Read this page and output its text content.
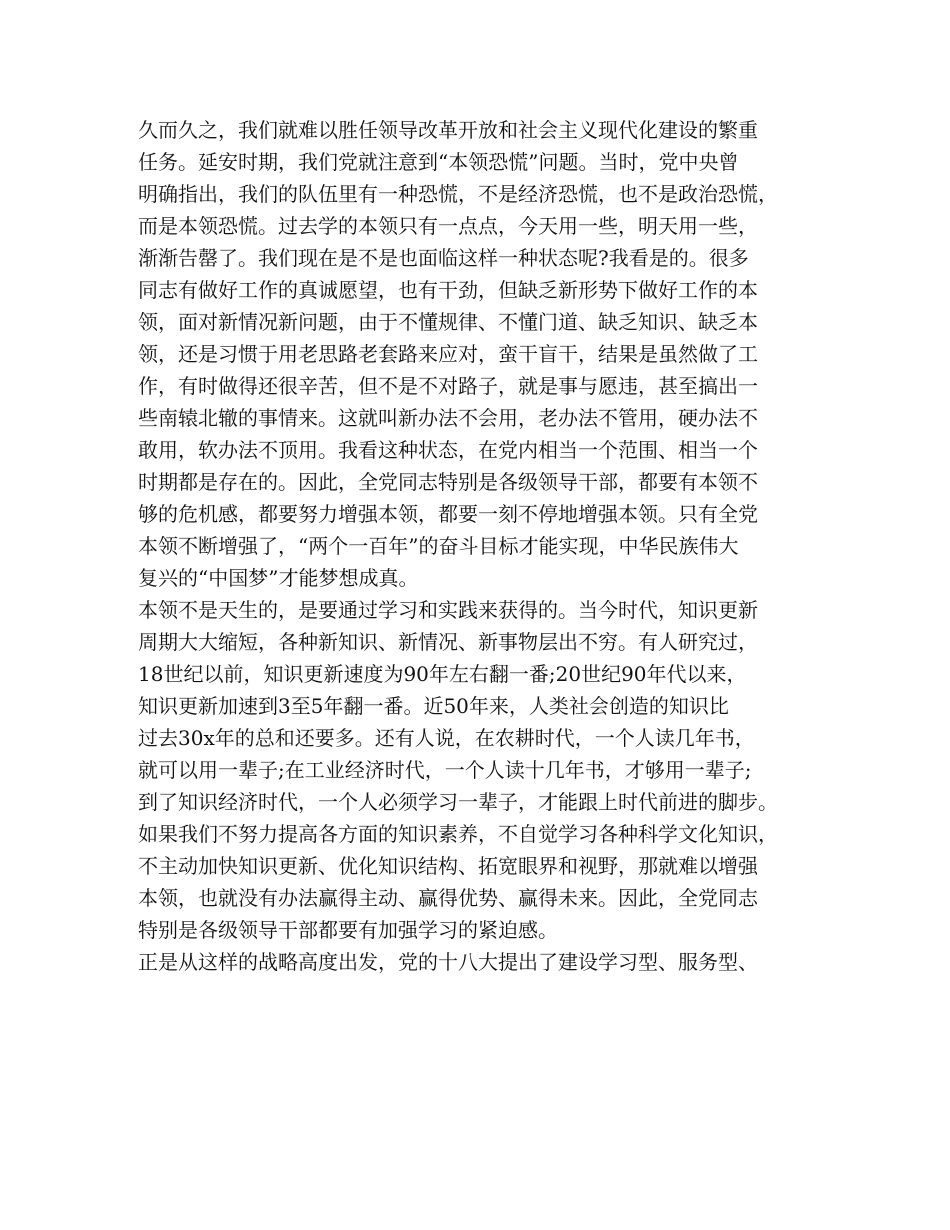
久而久之，我们就难以胜任领导改革开放和社会主义现代化建设的繁重
任务。延安时期，我们党就注意到“本领恐慌”问题。当时，党中央曾
明确指出，我们的队伍里有一种恐慌，不是经济恐慌，也不是政治恐慌，
而是本领恐慌。过去学的本领只有一点点，今天用一些，明天用一些，
渐渐告罄了。我们现在是不是也面临这样一种状态呢?我看是的。很多
同志有做好工作的真诚愿望，也有干劲，但缺乏新形势下做好工作的本
领，面对新情况新问题，由于不懂规律、不懂门道、缺乏知识、缺乏本
领，还是习惯于用老思路老套路来应对，蛮干盲干，结果是虽然做了工
作，有时做得还很辛苦，但不是不对路子，就是事与愿违，甚至搞出一
些南辕北辙的事情来。这就叫新办法不会用，老办法不管用，硬办法不
敢用，软办法不顶用。我看这种状态，在党内相当一个范围、相当一个
时期都是存在的。因此，全党同志特别是各级领导干部，都要有本领不
够的危机感，都要努力增强本领，都要一刻不停地增强本领。只有全党
本领不断增强了，“两个一百年”的奋斗目标才能实现，中华民族伟大
复兴的“中国梦”才能梦想成真。
本领不是天生的，是要通过学习和实践来获得的。当今时代，知识更新
周期大大缩短，各种新知识、新情况、新事物层出不穷。有人研究过，
18世纪以前，知识更新速度为90年左右翻一番;20世纪90年代以来，
知识更新加速到3至5年翻一番。近50年来，人类社会创造的知识比
过去30x年的总和还要多。还有人说，在农耕时代，一个人读几年书，
就可以用一辈子;在工业经济时代，一个人读十几年书，才够用一辈子;
到了知识经济时代，一个人必须学习一辈子，才能跟上时代前进的脚步。
如果我们不努力提高各方面的知识素养，不自觉学习各种科学文化知识，
不主动加快知识更新、优化知识结构、拓宽眼界和视野，那就难以增强
本领，也就没有办法赢得主动、赢得优势、赢得未来。因此，全党同志
特别是各级领导干部都要有加强学习的紧迫感。
正是从这样的战略高度出发，党的十八大提出了建设学习型、服务型、
